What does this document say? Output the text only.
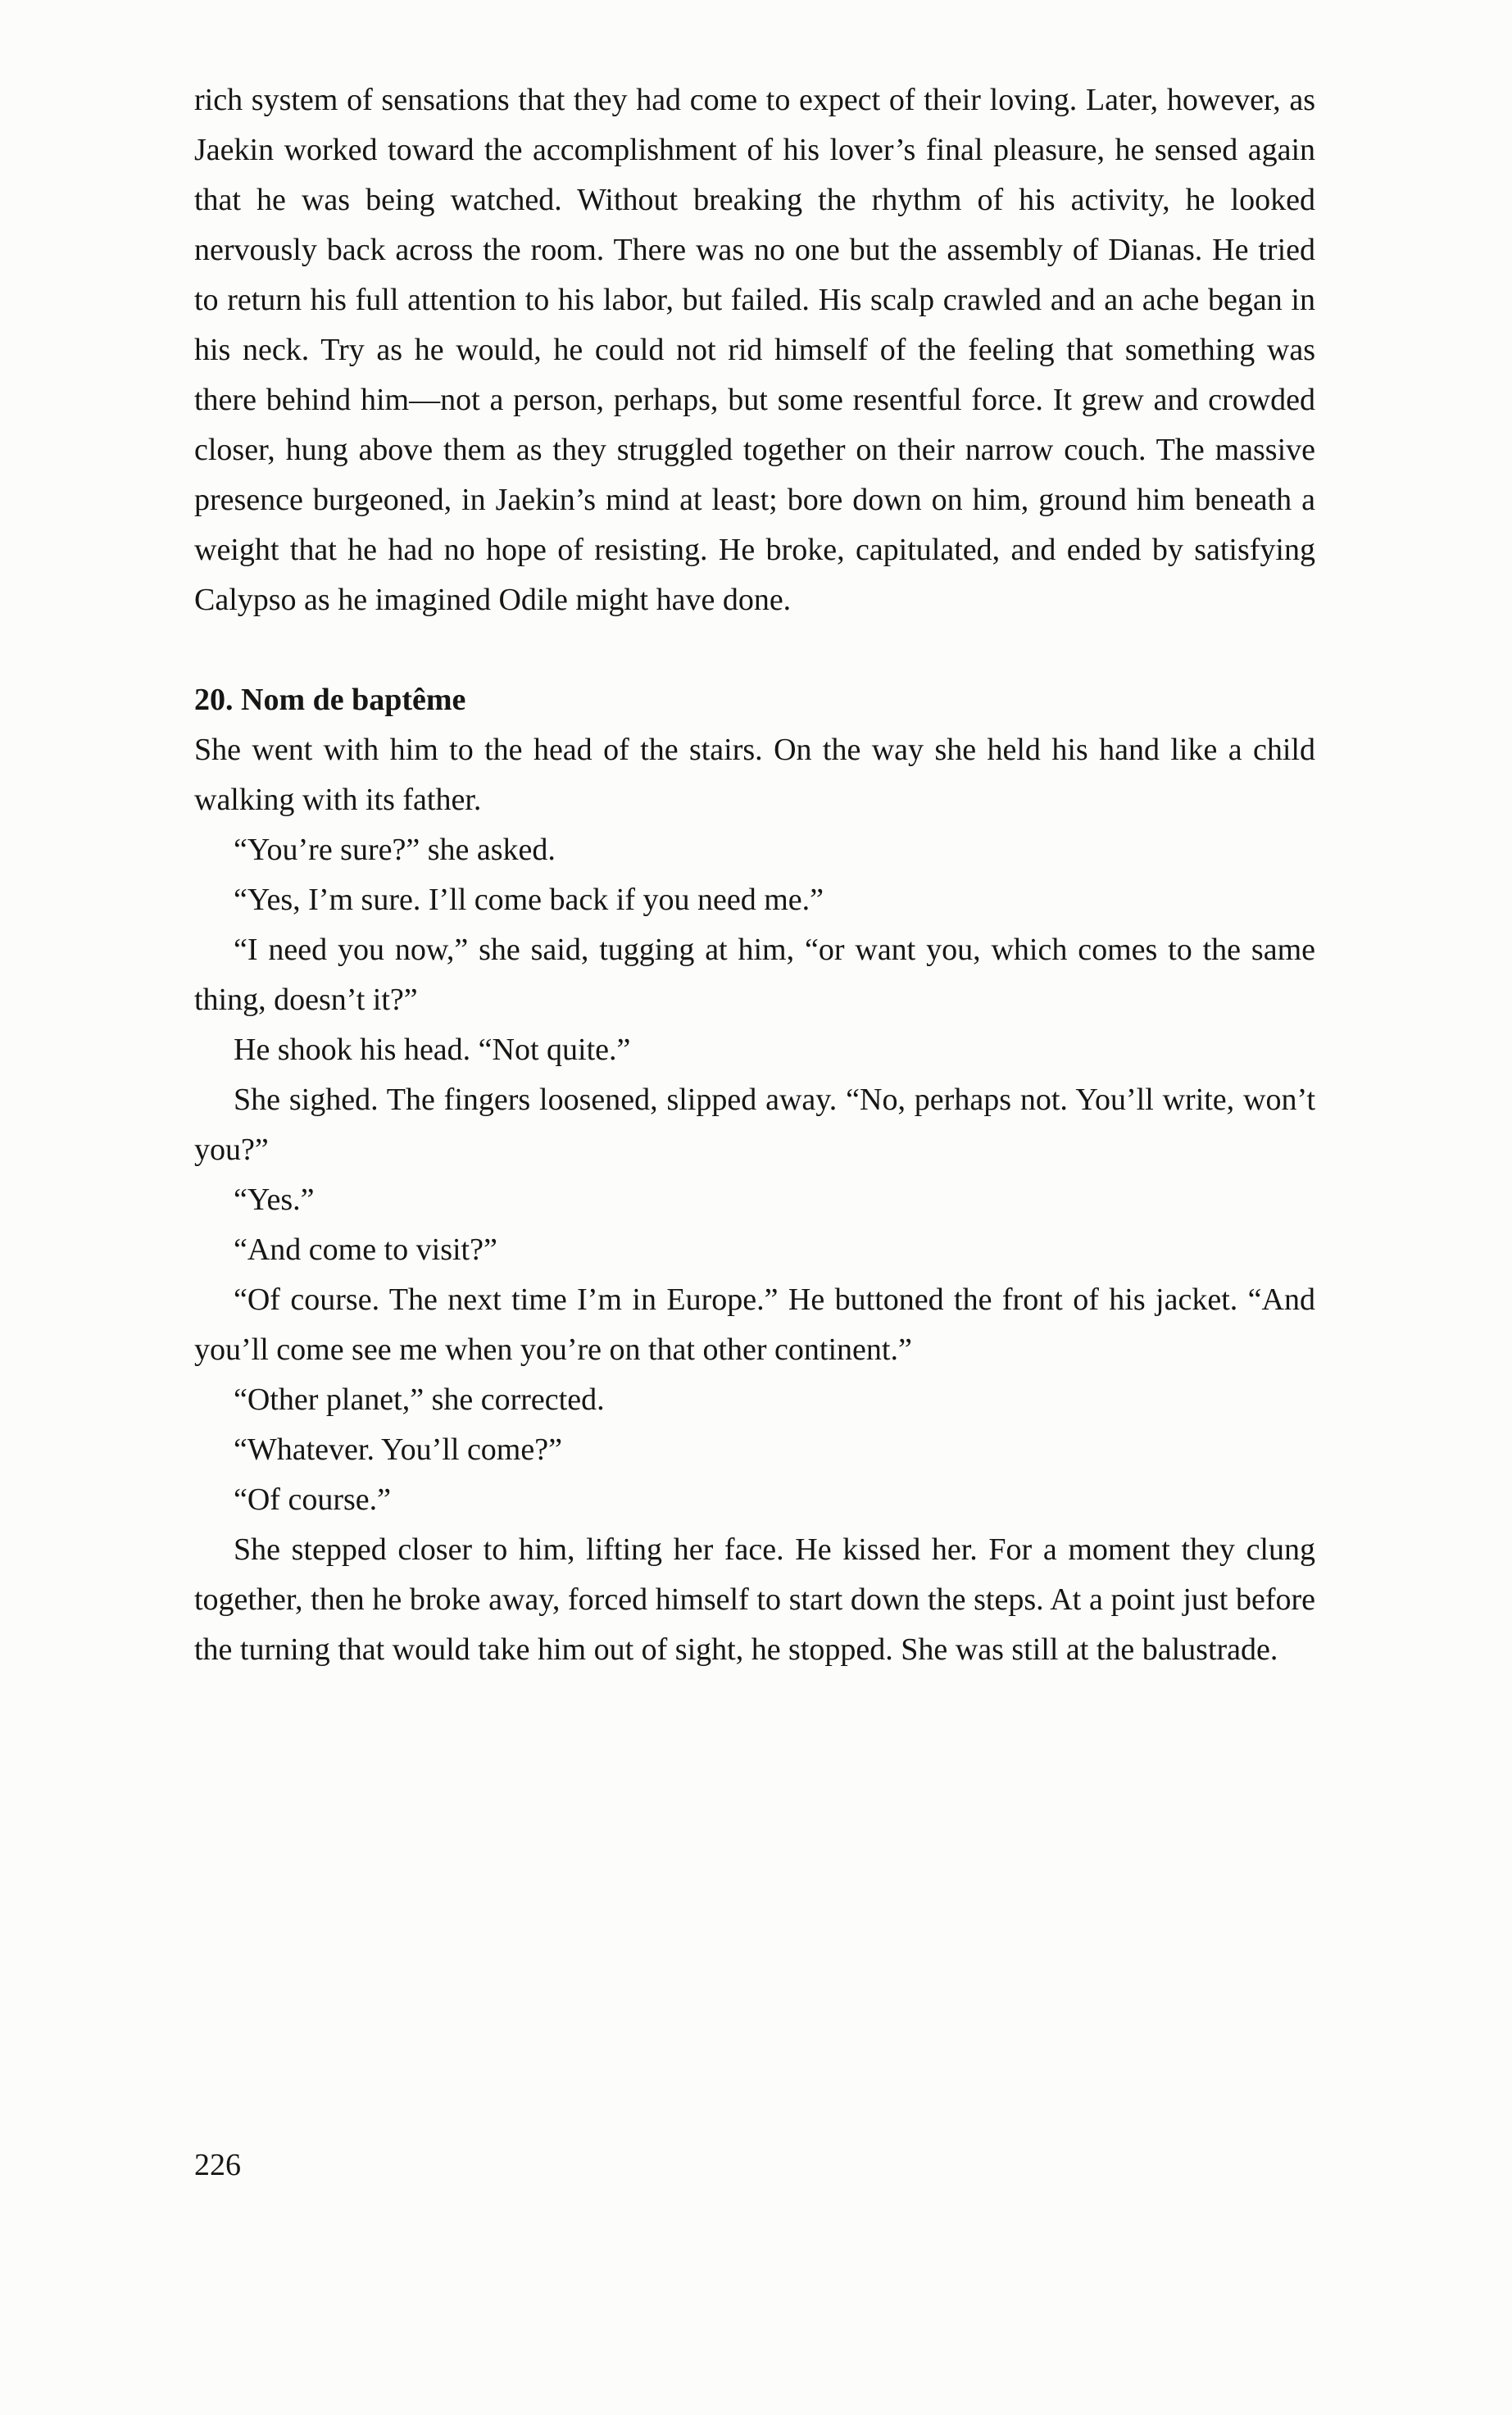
rich system of sensations that they had come to expect of their loving. Later, however, as Jaekin worked toward the accomplishment of his lover’s final pleasure, he sensed again that he was being watched. Without breaking the rhythm of his activity, he looked nervously back across the room. There was no one but the assembly of Dianas. He tried to return his full attention to his labor, but failed. His scalp crawled and an ache began in his neck. Try as he would, he could not rid himself of the feeling that something was there behind him—not a person, perhaps, but some resentful force. It grew and crowded closer, hung above them as they struggled together on their narrow couch. The massive presence burgeoned, in Jaekin’s mind at least; bore down on him, ground him beneath a weight that he had no hope of resisting. He broke, capitulated, and ended by satisfying Calypso as he imagined Odile might have done.

20. Nom de baptême

She went with him to the head of the stairs. On the way she held his hand like a child walking with its father.

“You’re sure?” she asked.

“Yes, I’m sure. I’ll come back if you need me.”

“I need you now,” she said, tugging at him, “or want you, which comes to the same thing, doesn’t it?”

He shook his head. “Not quite.”

She sighed. The fingers loosened, slipped away. “No, perhaps not. You’ll write, won’t you?”

“Yes.”

“And come to visit?”

“Of course. The next time I’m in Europe.” He buttoned the front of his jacket. “And you’ll come see me when you’re on that other continent.”

“Other planet,” she corrected.

“Whatever. You’ll come?”

“Of course.”

She stepped closer to him, lifting her face. He kissed her. For a moment they clung together, then he broke away, forced himself to start down the steps. At a point just before the turning that would take him out of sight, he stopped. She was still at the balustrade.

226
